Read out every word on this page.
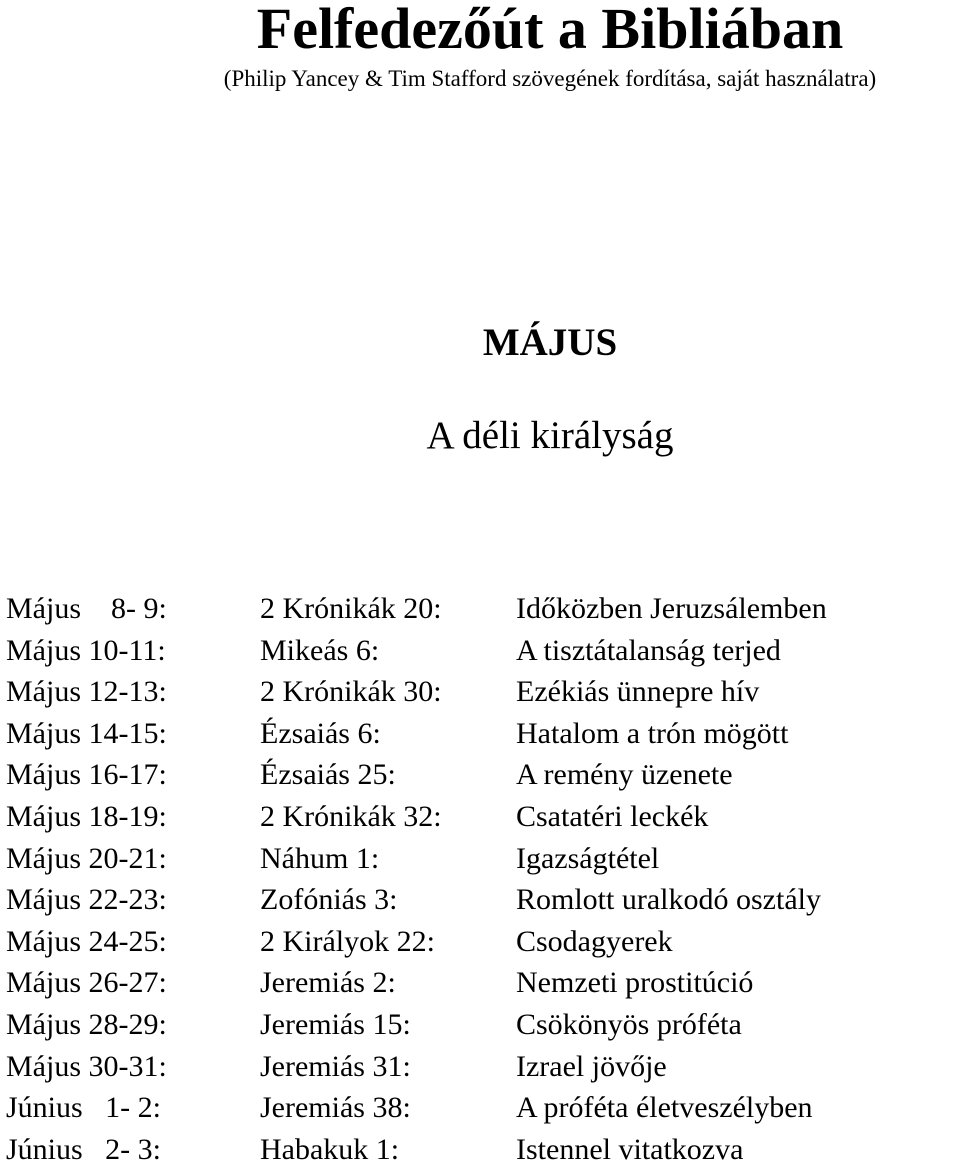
Felfedezőút a Bibliában
(Philip Yancey & Tim Stafford szövegének fordítása, saját használatra)
MÁJUS
A déli királyság
Május    8- 9:	2 Krónikák 20: Időközben Jeruzsálemben
Május 10-11:	Mikeás 6:	A tisztátalanság terjed
Május 12-13:	2 Krónikák 30: Ezékiás ünnepre hív
Május 14-15:	Ézsaiás 6:	Hatalom a trón mögött
Május 16-17:	Ézsaiás 25:	A remény üzenete
Május 18-19:	2 Krónikák 32: Csatatéri leckék
Május 20-21:	Náhum 1:	Igazságtétel
Május 22-23:	Zofóniás 3:	Romlott uralkodó osztály
Május 24-25:	2 Királyok 22:	Csodagyerek
Május 26-27:	Jeremiás 2:	Nemzeti prostitúció
Május 28-29:	Jeremiás 15:	Csökönyös próféta
Május 30-31:	Jeremiás 31:	Izrael jövője
Június   1- 2:	Jeremiás 38:	A próféta életveszélyben
Június   2- 3:	Habakuk 1:	Istennel vitatkozva
